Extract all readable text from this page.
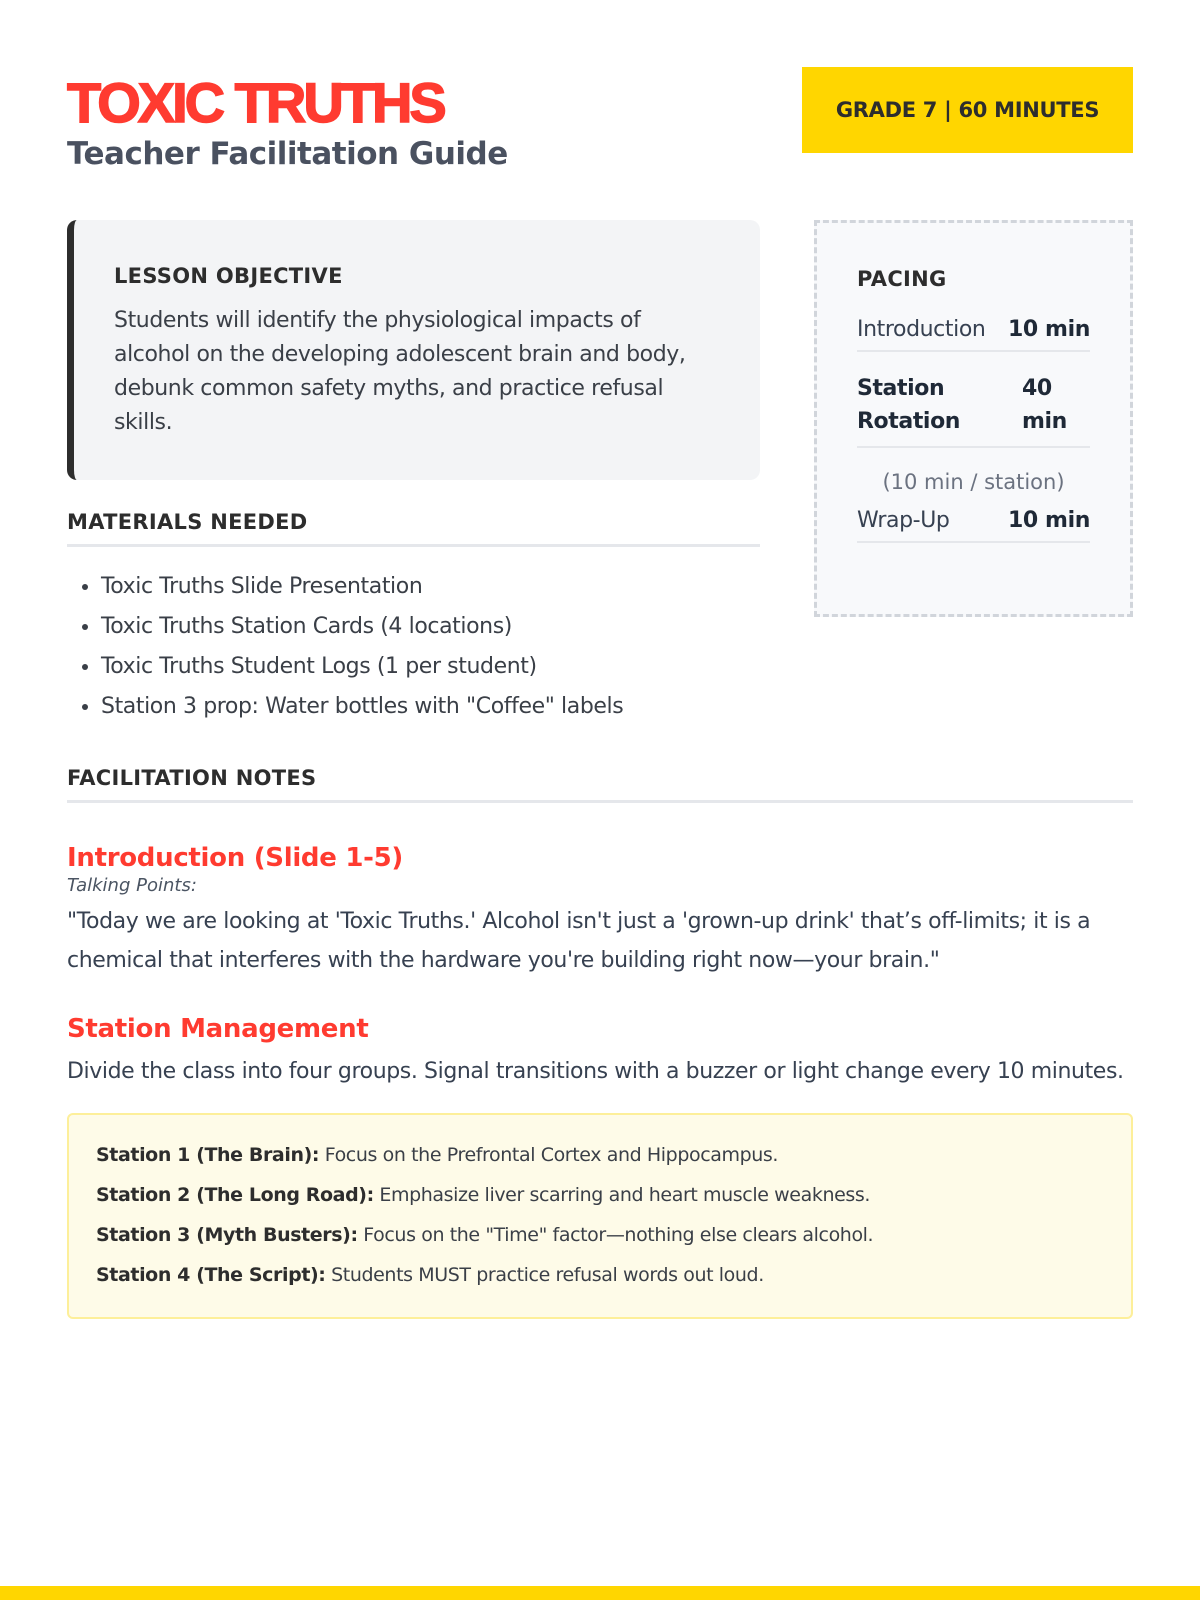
TOXIC TRUTHS
Teacher Facilitation Guide
GRADE 7 | 60 MINUTES
LESSON OBJECTIVE

Students will identify the physiological impacts of alcohol on the developing adolescent brain and body, debunk common safety myths, and practice refusal skills.

PACING
Introduction 10 min
Station Rotation
40 min
(10 min / station)
Wrap-Up	10 min
MATERIALS NEEDED
• Toxic Truths Slide Presentation
• Toxic Truths Station Cards (4 locations)
• Toxic Truths Student Logs (1 per student)
• Station 3 prop: Water bottles with "Coffee" labels
FACILITATION NOTES
Introduction (Slide 1-5)
Talking Points:
"Today we are looking at 'Toxic Truths.' Alcohol isn't just a 'grown-up drink' that’s off-limits; it is a chemical that interferes with the hardware you're building right now—your brain."
Station Management
Divide the class into four groups. Signal transitions with a buzzer or light change every 10 minutes.
Station 1 (The Brain): Focus on the Prefrontal Cortex and Hippocampus.
Station 2 (The Long Road): Emphasize liver scarring and heart muscle weakness.
Station 3 (Myth Busters): Focus on the "Time" factor—nothing else clears alcohol.
Station 4 (The Script): Students MUST practice refusal words out loud.
